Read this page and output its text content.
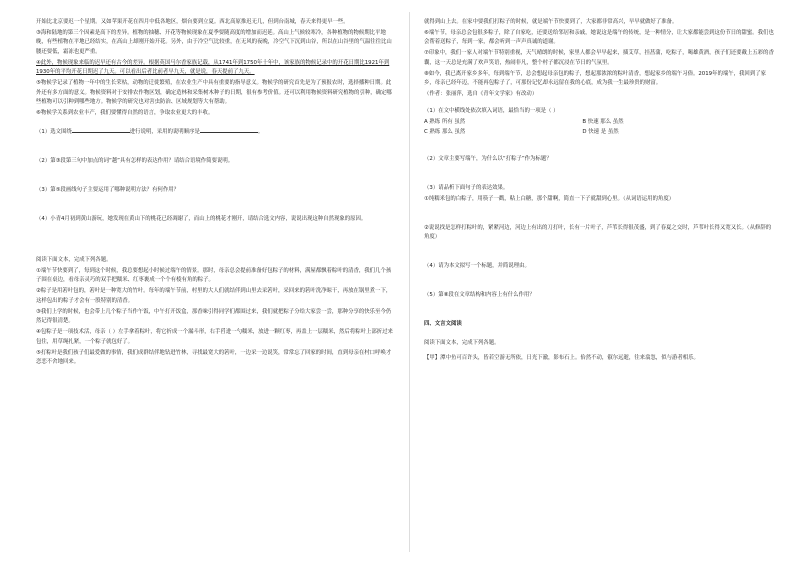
开始比北京要迟一个星期。又如苹果开花在四月中低各地区，烟台要到立夏。西北高原推迟无几，但到台南城，春天来得更早一些。

③海和陆地的第三个因素是高下的差异。植物的抽穗、开花等物候现象在夏季要随高度的增加而迟延。高山上气候较寒冷，各种植物的物候期比平地晚，有些植物在平地已经结实，在高山上却刚开始开花。另外，由于冷空气比较重，在无风的夜晚，冷空气下沉到山谷，所以在山谷里的气温往往比山腰还要低，霜冻也更严重。

④此外，物候现象来临的迟早还有古今的差异。根据英国马尔香家族记载，从1741年到1750年十年中，该家族的物候记录中的开花日期比1921年到1930年的平均开花日期迟了九天。可以看出后者比前者早九天，就是说，春天提前了九天。

⑤物候学记录了植物一年中的生长荣枯，动物的迁徙繁殖，在农业生产中具有重要的指导意义。物候学的研究首先是为了预报农时，选择播种日期。此外还有多方面的意义。物候资料对于安排农作物区划，确定造林和采集树木种子的日期，很有参考价值。还可以利用物候资料研究植物的引种，确定哪些植物可以引种到哪些地方。物候学的研究也对害虫防治、区域规划等大有帮助。

⑥物候学关系到农业丰产，我们要懂得自然的语言，争取农业更大的丰收。

（1）选文围绕	进行说明，采用的说明顺序是	。

（2）第③段第三句中加点的词“越”具有怎样的表达作用？请结合语境作简要说明。

（3）第⑤段画线句子主要运用了哪种说明方法？有何作用？

（4）小青4月初到黄山游玩，她发现在黄山下的桃花已经凋谢了，而山上的桃花才刚开，请结合选文内容，说说出现这种自然现象的原因。

阅读下面文本，完成下列各题。

①端午节快要到了，每到这个时候，我总要想起小时候过端午的情景。那时，母亲总会提前准备好包粽子的材料，满屋都飘着粽叶的清香，我们几个孩子围在桌边，看母亲灵巧的双手把糯米、红枣裹成一个个有棱有角的粽子。

②粽子是用箬叶包的，箬叶是一种宽大的竹叶。每年的端午节前，村里的大人们就结伴到山里去采箬叶，采回来的箬叶洗净晾干，再放在锅里煮一下，这样包出的粽子才会有一股特别的清香。

③我们上学的时候，也会带上几个粽子当作午饭，中午打开饭盒，那香味引得同学们都围过来，我们就把粽子分给大家尝一尝，那种分享的快乐至今仍然记得很清楚。

④包粽子是一项技术活，母亲（ ）左手拿着粽叶，将它折成一个漏斗形，右手舀进一勺糯米，放进一颗红枣，再盖上一层糯米，然后将粽叶上部折过来包住，用草绳扎紧，一个粽子就包好了。

⑤打粽叶是我们孩子们最爱做的事情，我们成群结伴地钻进竹林，寻找最宽大的箬叶，一边采一边说笑，常常忘了回家的时间，直到母亲在村口呼唤才恋恋不舍地回来。

就得到山上去。在家中要我们打粽子的时候，就是端午节快要到了，大家都非常高兴，早早就做好了准备。

⑥端午节，母亲总会包很多粽子，除了自家吃，还要送给邻居和亲戚，她说这是端午的传统，是一种情分，让大家都能尝到这份节日的甜蜜。我们也会帮着送粽子，每到一家，都会听到一声声真诚的道谢。

⑦印象中，我们一家人对端午节特别重视，天气晴朗的时候，家里人都会早早起来，插艾草，挂菖蒲，吃粽子，喝雄黄酒，孩子们还要戴上五彩的香囊，这一天总是充满了欢声笑语，热闹非凡，整个村子都沉浸在节日的气氛里。

⑧如今，我已离开家乡多年，每到端午节，总会想起母亲包的粽子，想起那浓浓的粽叶清香，想起家乡的端午习俗。2019年的端午，我回到了家乡，母亲已经年迈，不能再包粽子了，可那份记忆却永远留在我的心底，成为我一生最珍贵的财富。

（作者：张丽萍，选自《青年文学家》有改动）

（1）在文中横线处依次填入词语，最恰当的一项是（ ）

A 熟练 所有 虽然	B 快速 那么 虽然
C 熟练 那么 虽然	D 快速 是 虽然

（2）文章主要写端午，为什么以“打粽子”作为标题？

（3）请品析下面句子的表达效果。

①纯糯米包的白粽子，用筷子一戳，粘上白糖，那个甜啊，简直一下子就甜到心里。（从词语运用的角度）

②说说找是怎样打粽叶的，紧紧河边，河边上有出的刀打叶，长有一片叶子，芦苇长得很茂盛，到了春夏之交时，芦苇叶长得又宽又长。（从修辞的角度）

（4）请为本文拟写一个标题，并简说理由。

（5）第⑧段在文章结构和内容上有什么作用？

四、文言文阅读

阅读下面文本，完成下列各题。

【甲】潭中鱼可百许头，皆若空游无所依，日光下澈，影布石上。佁然不动，俶尔远逝，往来翕忽，似与游者相乐。
